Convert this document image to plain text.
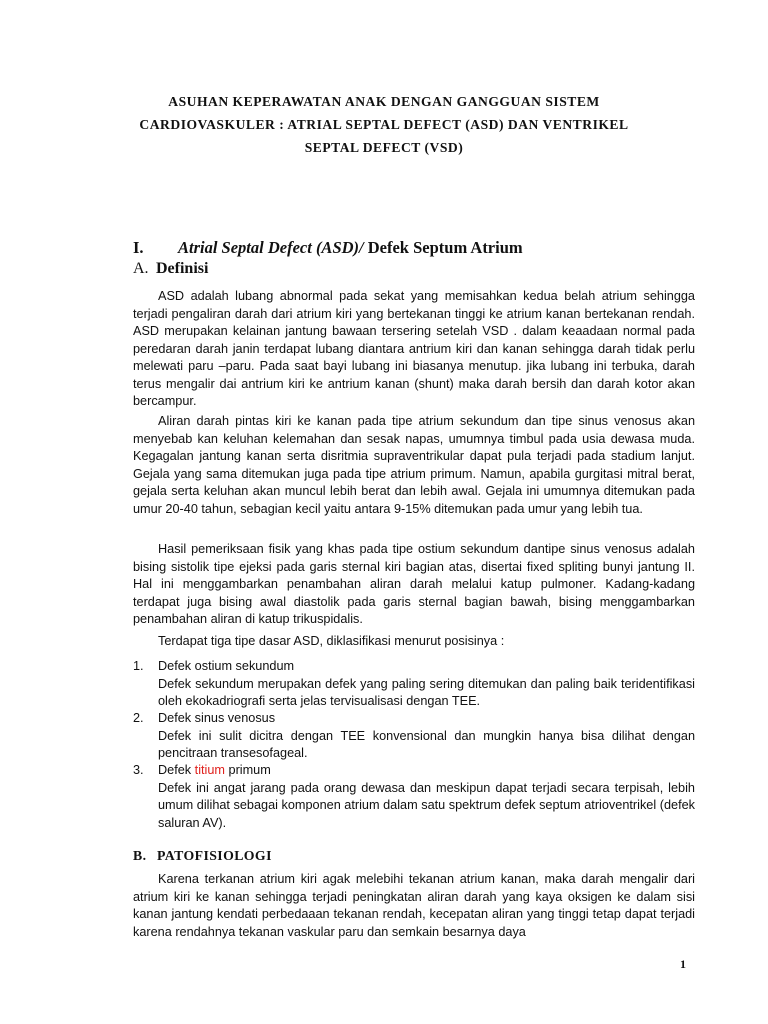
ASUHAN KEPERAWATAN ANAK DENGAN GANGGUAN SISTEM
CARDIOVASKULER : ATRIAL SEPTAL DEFECT (ASD) DAN VENTRIKEL
SEPTAL DEFECT (VSD)
I. Atrial Septal Defect (ASD)/ Defek Septum Atrium
A. Definisi

ASD adalah lubang abnormal pada sekat yang memisahkan kedua belah atrium sehingga terjadi pengaliran darah dari atrium kiri yang bertekanan tinggi ke atrium kanan bertekanan rendah. ASD merupakan kelainan jantung bawaan tersering setelah VSD . dalam keaadaan normal pada peredaran darah janin terdapat lubang diantara antrium kiri dan kanan sehingga darah tidak perlu melewati paru –paru. Pada saat bayi lubang ini biasanya menutup. jika lubang ini terbuka, darah terus mengalir dai antrium kiri ke antrium kanan (shunt) maka darah bersih dan darah kotor akan bercampur.

Aliran darah pintas kiri ke kanan pada tipe atrium sekundum dan tipe sinus venosus akan menyebab kan keluhan kelemahan dan sesak napas, umumnya timbul pada usia dewasa muda. Kegagalan jantung kanan serta disritmia supraventrikular dapat pula terjadi pada stadium lanjut. Gejala yang sama ditemukan juga pada tipe atrium primum. Namun, apabila gurgitasi mitral berat, gejala serta keluhan akan muncul lebih berat dan lebih awal. Gejala ini umumnya ditemukan pada umur 20-40 tahun, sebagian kecil yaitu antara 9-15% ditemukan pada umur yang lebih tua.

Hasil pemeriksaan fisik yang khas pada tipe ostium sekundum dantipe sinus venosus adalah bising sistolik tipe ejeksi pada garis sternal kiri bagian atas, disertai fixed spliting bunyi jantung II. Hal ini menggambarkan penambahan aliran darah melalui katup pulmoner. Kadang-kadang terdapat juga bising awal diastolik pada garis sternal bagian bawah, bising menggambarkan penambahan aliran di katup trikuspidalis.

Terdapat tiga tipe dasar ASD, diklasifikasi menurut posisinya :

1. Defek ostium sekundum
Defek sekundum merupakan defek yang paling sering ditemukan dan paling baik teridentifikasi oleh ekokadriografi serta jelas tervisualisasi dengan TEE.
2. Defek sinus venosus
Defek ini sulit dicitra dengan TEE konvensional dan mungkin hanya bisa dilihat dengan pencitraan transesofageal.
3. Defek titium primum
Defek ini angat jarang pada orang dewasa dan meskipun dapat terjadi secara terpisah, lebih umum dilihat sebagai komponen atrium dalam satu spektrum defek septum atrioventrikel (defek saluran AV).
B. PATOFISIOLOGI

Karena terkanan atrium kiri agak melebihi tekanan atrium kanan, maka darah mengalir dari atrium kiri ke kanan sehingga terjadi peningkatan aliran darah yang kaya oksigen ke dalam sisi kanan jantung kendati perbedaaan tekanan rendah, kecepatan aliran yang tinggi tetap dapat terjadi karena rendahnya tekanan vaskular paru dan semkain besarnya daya

1
